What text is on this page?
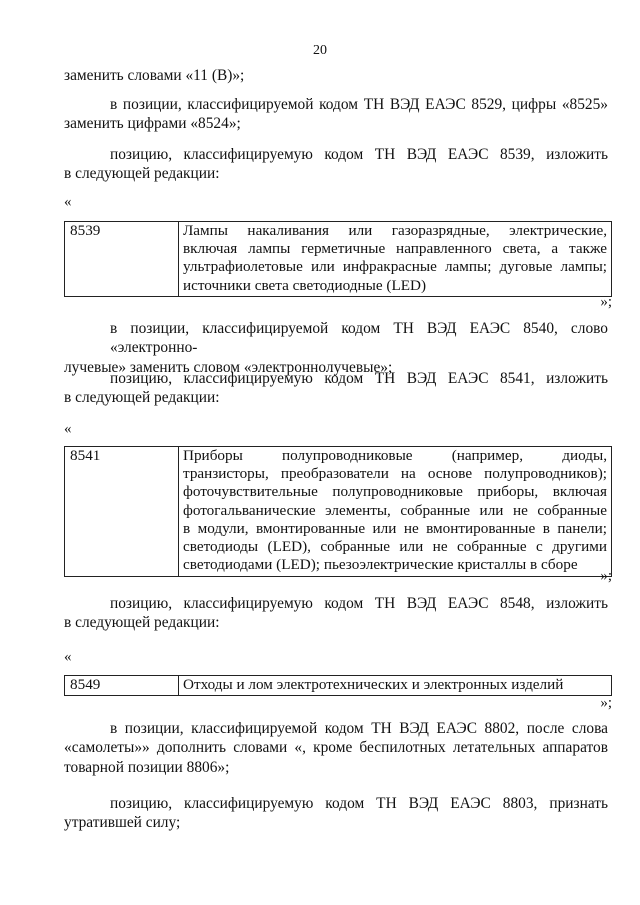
20
заменить словами «11 (В)»;
в позиции, классифицируемой кодом ТН ВЭД ЕАЭС 8529, цифры «8525»
заменить цифрами «8524»;
позицию, классифицируемую кодом ТН ВЭД ЕАЭС 8539, изложить
в следующей редакции:
«
8539	Лампы накаливания или газоразрядные, электрические,
включая лампы герметичные направленного света, а также
ультрафиолетовые или инфракрасные лампы; дуговые лампы;
источники света светодиодные (LED)
»;
в позиции, классифицируемой кодом ТН ВЭД ЕАЭС 8540, слово «электронно-
лучевые» заменить словом «электроннолучевые»;
позицию, классифицируемую кодом ТН ВЭД ЕАЭС 8541, изложить
в следующей редакции:
«
8541	Приборы полупроводниковые (например, диоды,
транзисторы, преобразователи на основе полупроводников);
фоточувствительные полупроводниковые приборы, включая
фотогальванические элементы, собранные или не собранные
в модули, вмонтированные или не вмонтированные в панели;
светодиоды (LED), собранные или не собранные с другими
светодиодами (LED); пьезоэлектрические кристаллы в сборе
»;
позицию, классифицируемую кодом ТН ВЭД ЕАЭС 8548, изложить
в следующей редакции:
«
8549	Отходы и лом электротехнических и электронных изделий
»;
в позиции, классифицируемой кодом ТН ВЭД ЕАЭС 8802, после слова
«самолеты»» дополнить словами «, кроме беспилотных летательных аппаратов
товарной позиции 8806»;
позицию, классифицируемую кодом ТН ВЭД ЕАЭС 8803, признать
утратившей силу;
